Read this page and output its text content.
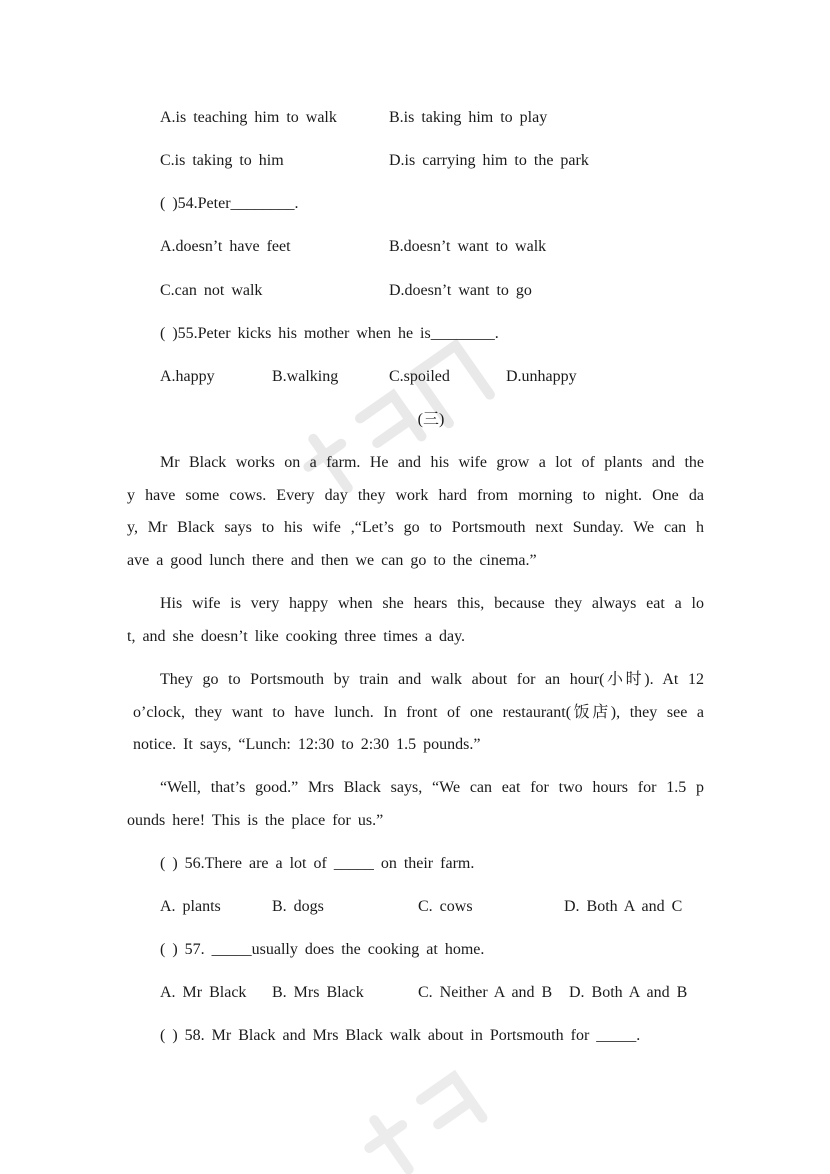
A.is teaching him to walk	B.is taking him to play
C.is taking to him	D.is carrying him to the park
( )54.Peter________.
A.doesn’t have feet	B.doesn’t want to walk
C.can not walk	D.doesn’t want to go
( )55.Peter kicks his mother when he is________.
A.happy	B.walking	C.spoiled	D.unhappy
(三)
Mr Black works on a farm. He and his wife grow a lot of plants and the
y have some cows. Every day they work hard from morning to night. One da
y, Mr Black says to his wife ,“Let’s go to Portsmouth next Sunday. We can h
ave a good lunch there and then we can go to the cinema.”
His wife is very happy when she hears this, because they always eat a lo
t, and she doesn’t like cooking three times a day.
They go to Portsmouth by train and walk about for an hour(小时). At 12
o’clock, they want to have lunch. In front of one restaurant(饭店), they see a
notice. It says, “Lunch: 12:30 to 2:30 1.5 pounds.”
“Well, that’s good.” Mrs Black says, “We can eat for two hours for 1.5 p
ounds here! This is the place for us.”
( ) 56.There are a lot of _____ on their farm.
A. plants	B. dogs	C. cows	D. Both A and C
( ) 57. _____usually does the cooking at home.
A. Mr Black B. Mrs Black	C. Neither A and B D. Both A and B
( ) 58. Mr Black and Mrs Black walk about in Portsmouth for _____.
